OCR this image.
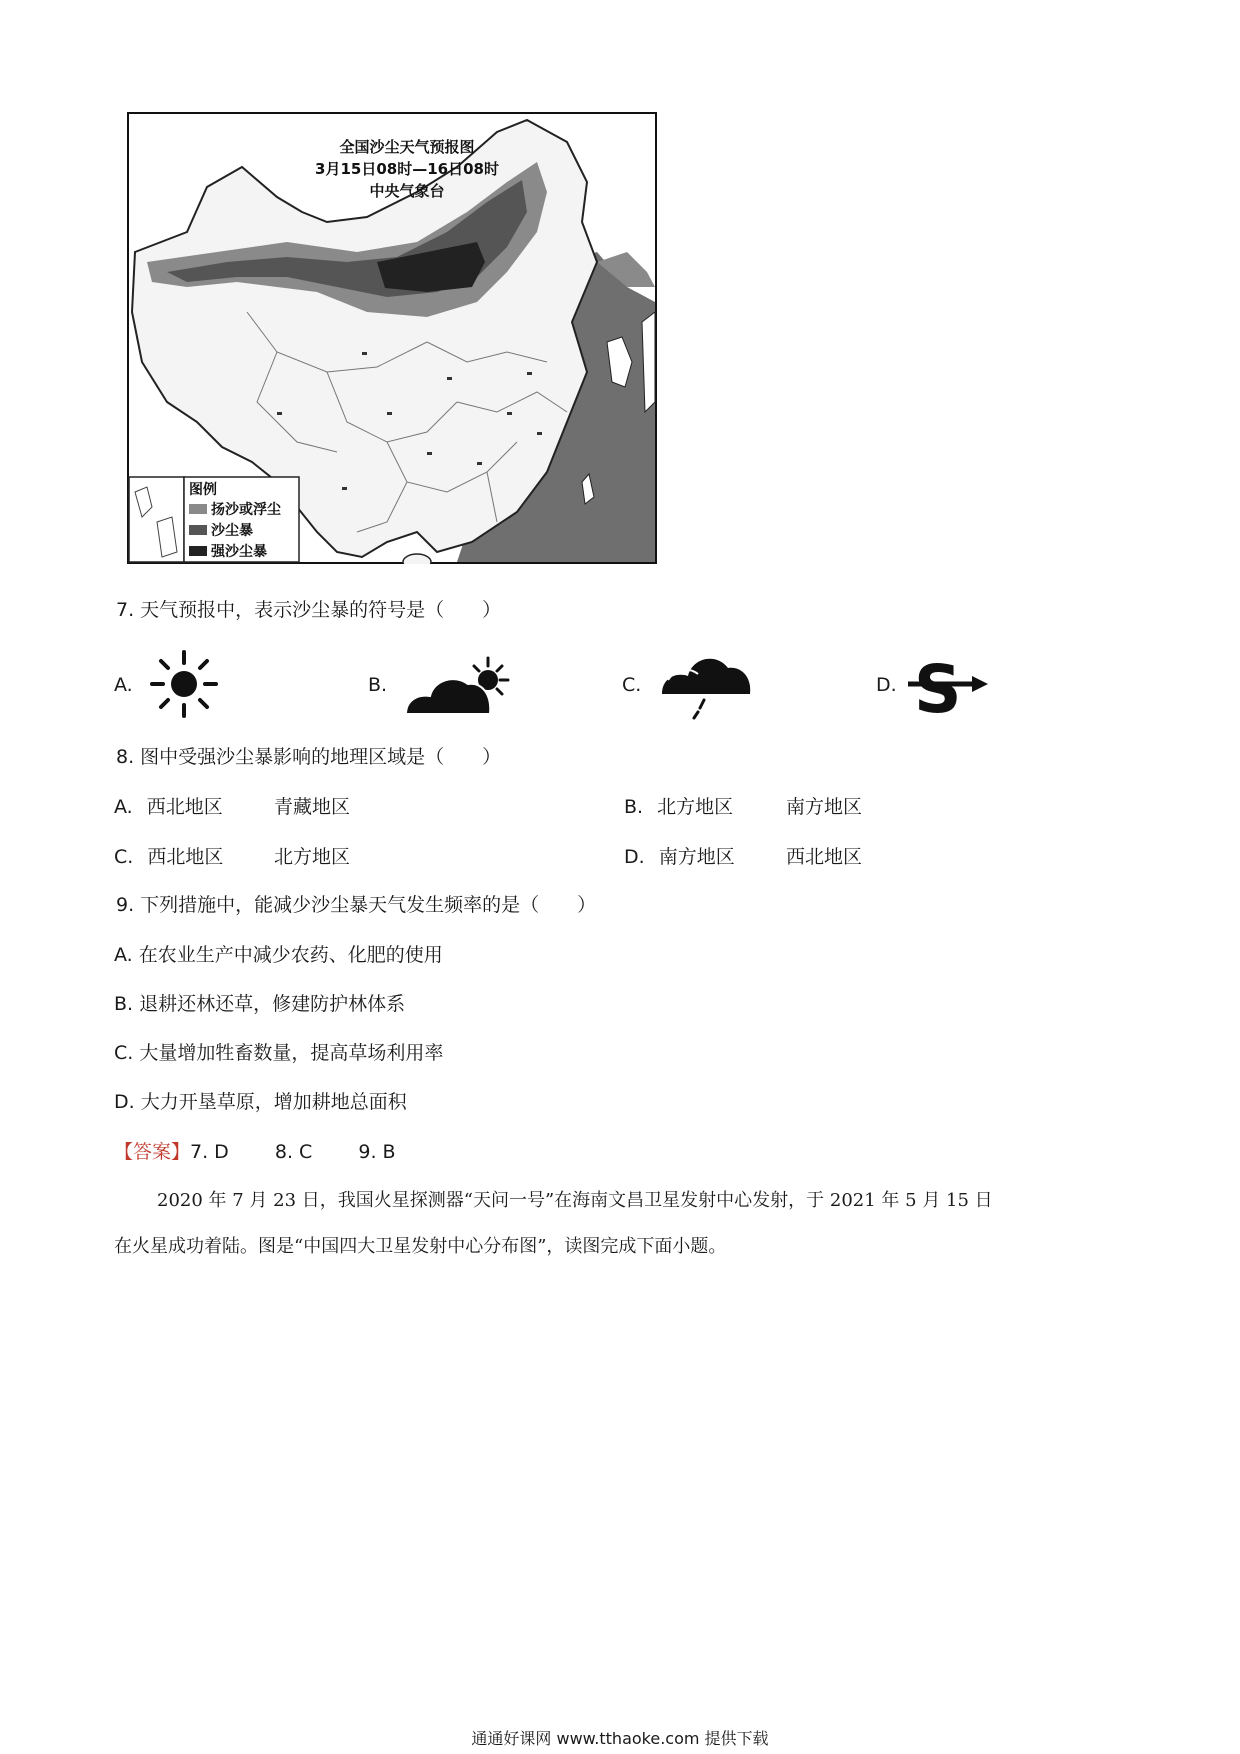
全国沙尘天气预报图
3月15日08时—16日08时
中央气象台
图例
扬沙或浮尘
沙尘暴
强沙尘暴
7. 天气预报中，表示沙尘暴的符号是（　　）
A.	B.	C.	D. S
8. 图中受强沙尘暴影响的地理区域是（　　）
A. 西北地区	青藏地区	B. 北方地区	南方地区
C. 西北地区	北方地区	D. 南方地区	西北地区
9. 下列措施中，能减少沙尘暴天气发生频率的是（　　）
A. 在农业生产中减少农药、化肥的使用
B. 退耕还林还草，修建防护林体系
C. 大量增加牲畜数量，提高草场利用率
D. 大力开垦草原，增加耕地总面积
【答案】7. D 8. C 9. B
2020 年 7 月 23 日，我国火星探测器“天问一号”在海南文昌卫星发射中心发射，于 2021 年 5 月 15 日
在火星成功着陆。图是“中国四大卫星发射中心分布图”，读图完成下面小题。
通通好课网 www.tthaoke.com 提供下载
